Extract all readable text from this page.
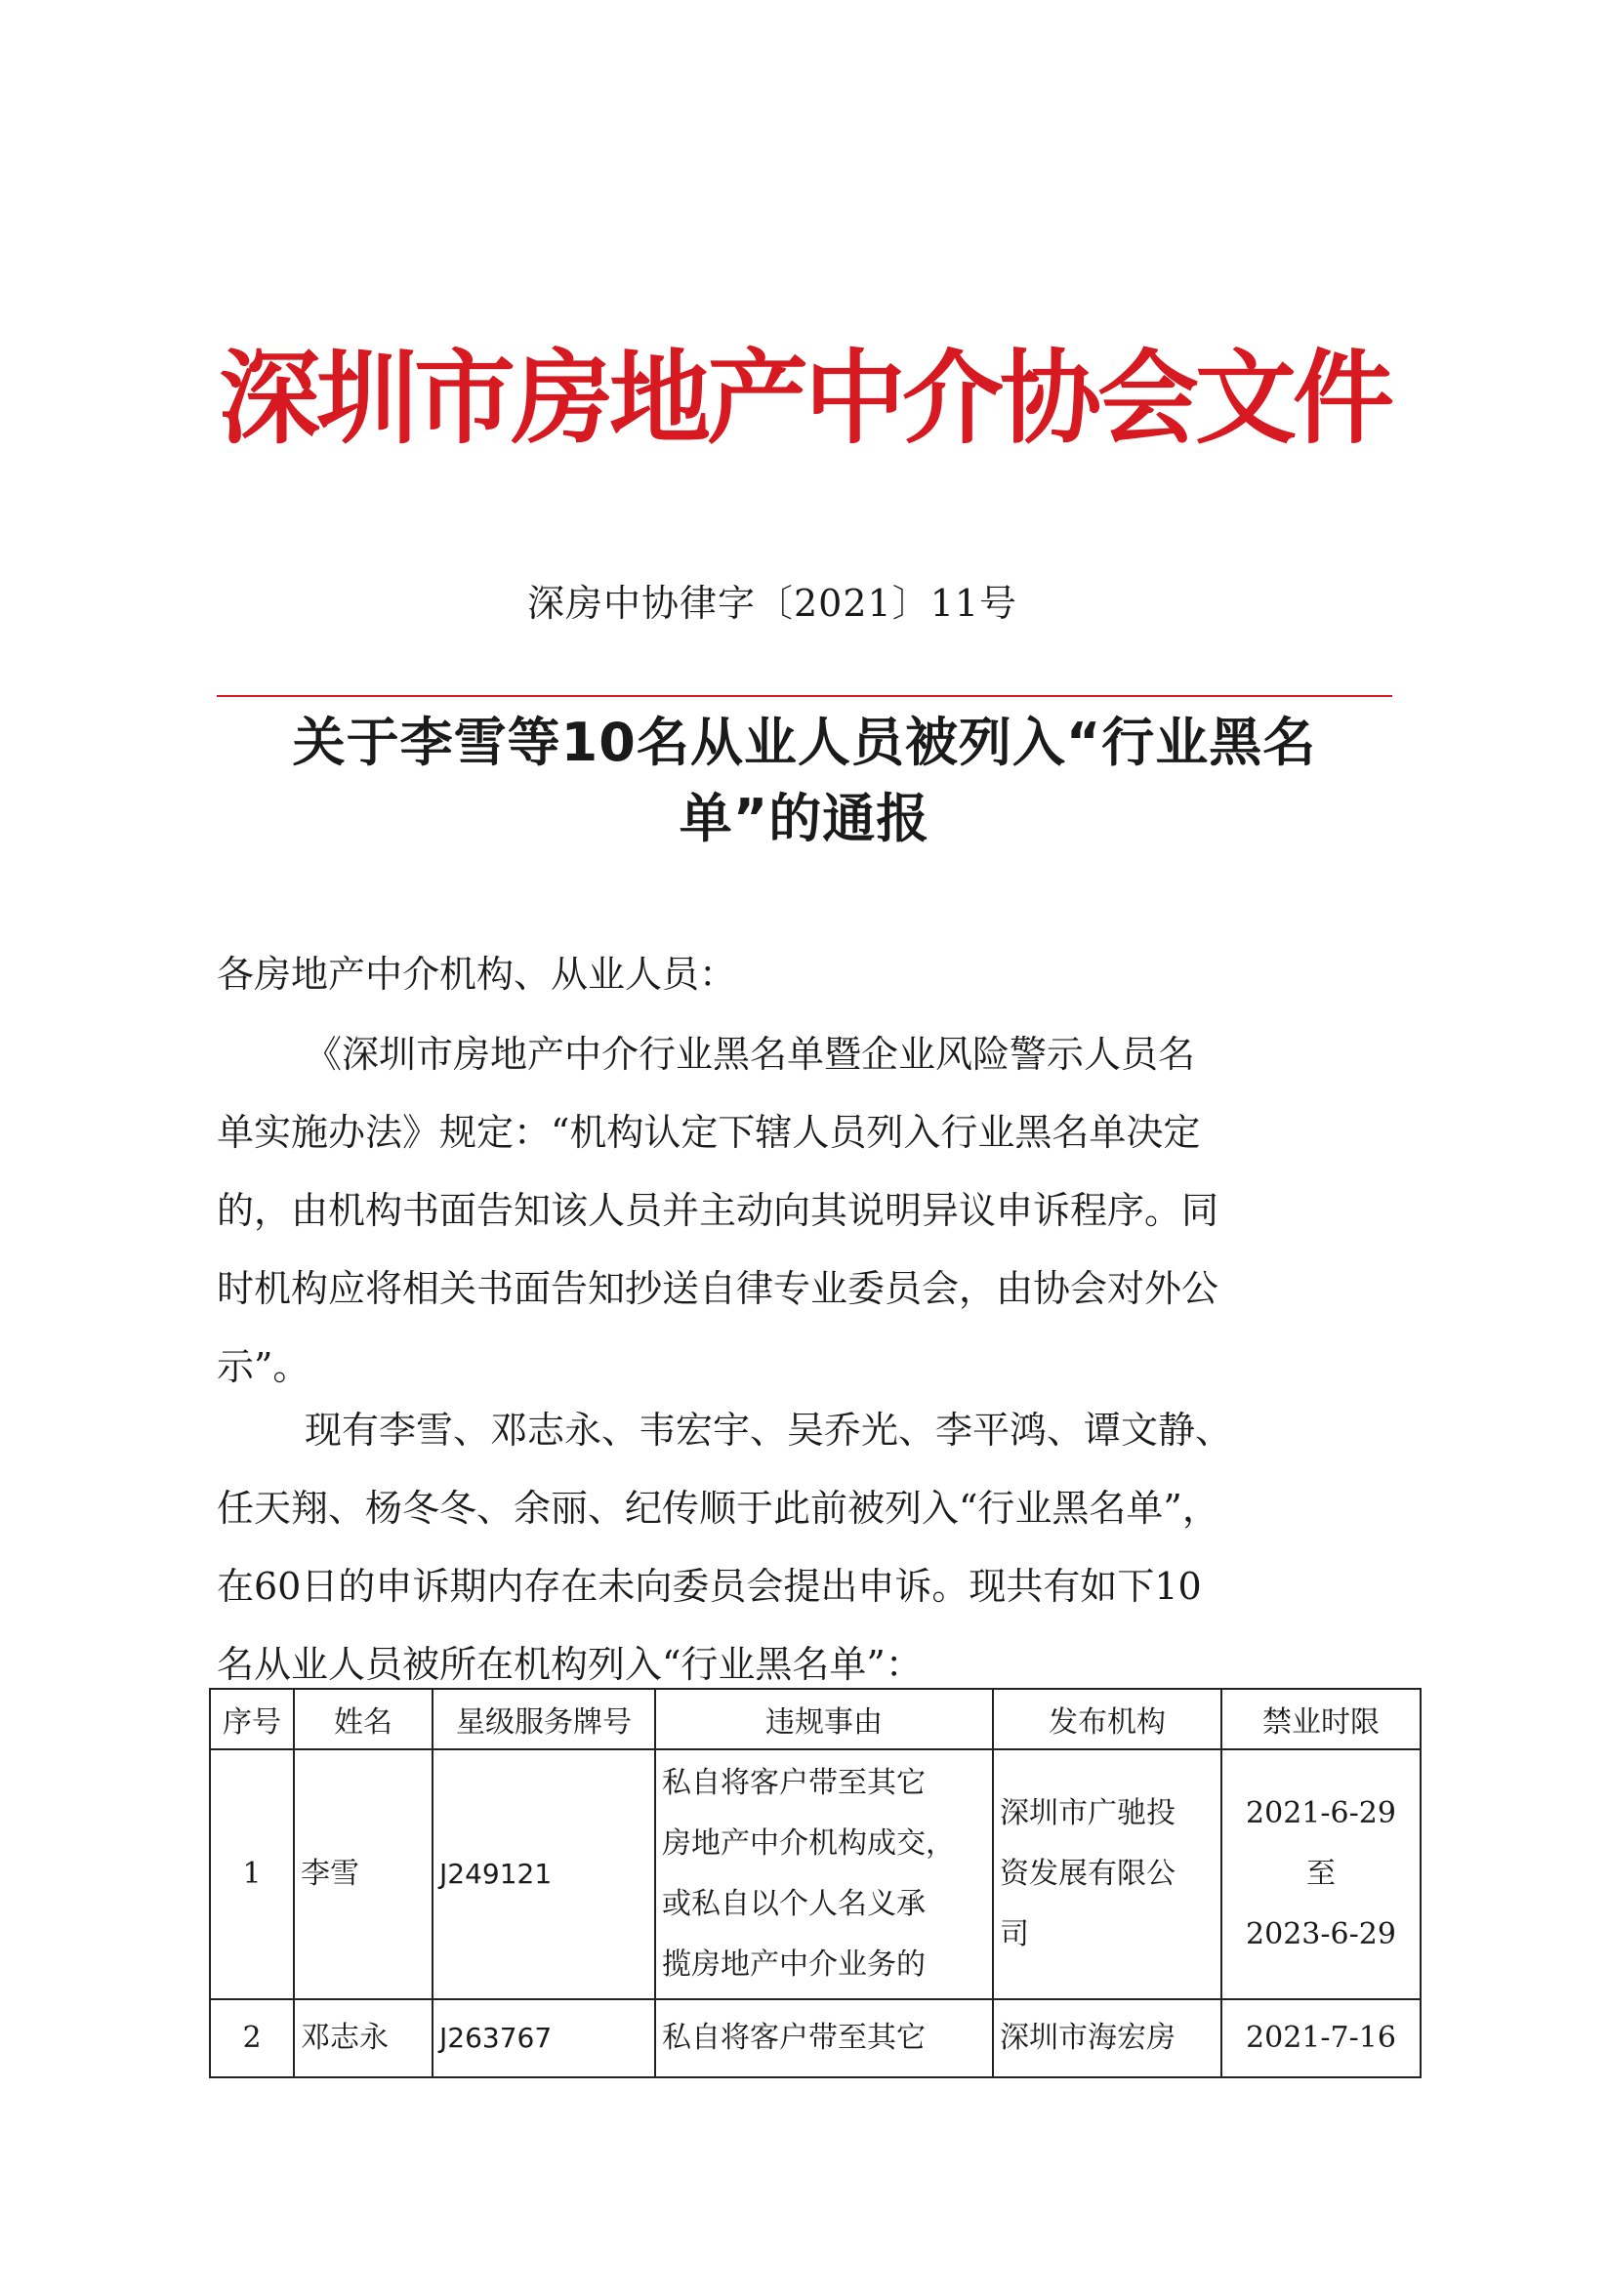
深圳市房地产中介协会文件
深房中协律字〔2021〕11号
关于李雪等10名从业人员被列入“行业黑名
单”的通报
各房地产中介机构、从业人员：
《深圳市房地产中介行业黑名单暨企业风险警示人员名
单实施办法》规定：“机构认定下辖人员列入行业黑名单决定
的，由机构书面告知该人员并主动向其说明异议申诉程序。同
时机构应将相关书面告知抄送自律专业委员会，由协会对外公
示”。
现有李雪、邓志永、韦宏宇、吴乔光、李平鸿、谭文静、
任天翔、杨冬冬、余丽、纪传顺于此前被列入“行业黑名单”，
在60日的申诉期内存在未向委员会提出申诉。现共有如下10
名从业人员被所在机构列入“行业黑名单”：
序号	姓名	星级服务牌号	违规事由	发布机构	禁业时限
1	李雪	J249121	私自将客户带至其它
房地产中介机构成交，
或私自以个人名义承
揽房地产中介业务的	深圳市广驰投
资发展有限公
司	2021-6-29
至
2023-6-29

2	邓志永	J263767	私自将客户带至其它	深圳市海宏房	2021-7-16
